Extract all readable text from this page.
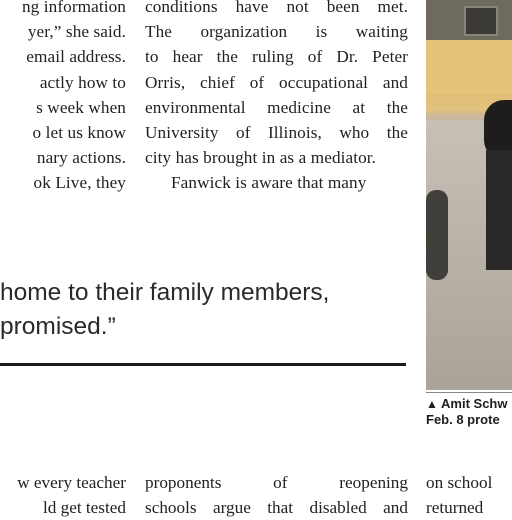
ng information
yer,” she said.
email address.
actly how to
s week when
o let us know
nary actions.
ok Live, they
conditions have not been met.
The organization is waiting
to hear the ruling of Dr. Peter
Orris, chief of occupational and
environmental medicine at the
University of Illinois, who the
city has brought in as a mediator.
Fanwick is aware that many
home to their family members,
promised.”
▲ Amit Schw
Feb. 8 prote
w every teacher
ld get tested
proponents of reopening
schools argue that disabled and
on school
returned
